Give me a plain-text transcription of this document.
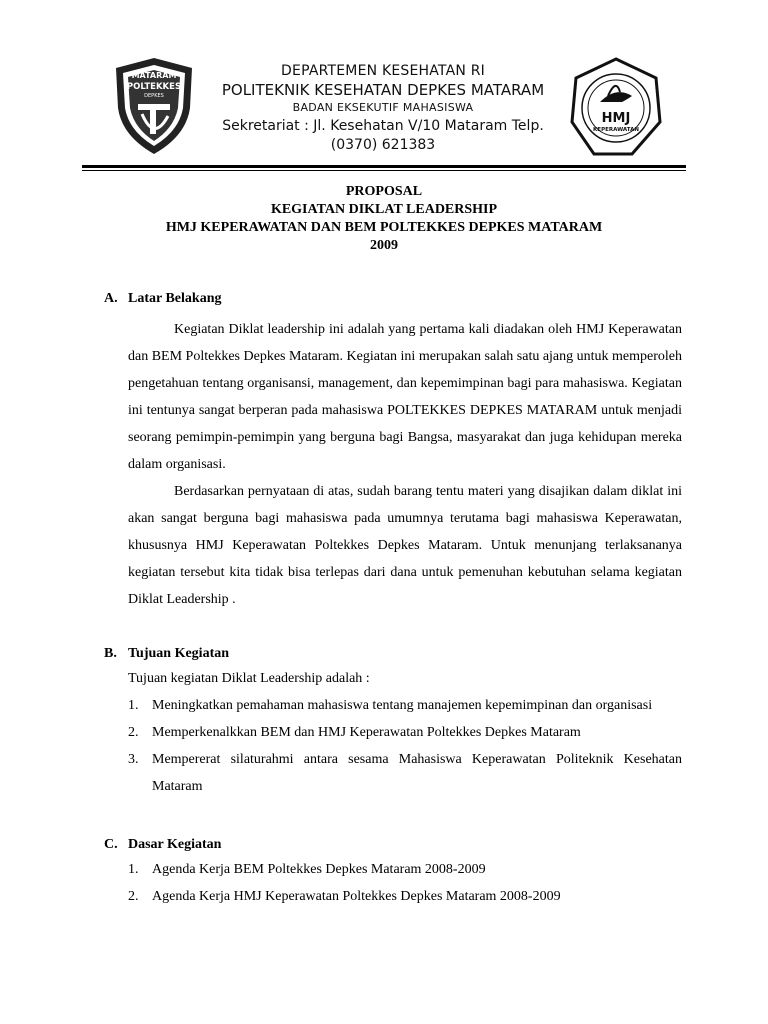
MATARAM
POLTEKKES
DEPKES
DEPARTEMEN KESEHATAN RI
POLITEKNIK KESEHATAN DEPKES MATARAM
BADAN EKSEKUTIF MAHASISWA
Sekretariat : Jl. Kesehatan V/10 Mataram Telp.
(0370) 621383
HMJ
KEPERAWATAN
PROPOSAL
KEGIATAN DIKLAT LEADERSHIP
HMJ KEPERAWATAN DAN BEM POLTEKKES DEPKES MATARAM
2009
A. Latar Belakang
Kegiatan Diklat leadership ini adalah yang pertama kali diadakan oleh HMJ Keperawatan dan BEM Poltekkes Depkes Mataram. Kegiatan ini merupakan salah satu ajang untuk memperoleh pengetahuan tentang organisansi, management, dan kepemimpinan bagi para mahasiswa. Kegiatan ini tentunya sangat berperan pada mahasiswa POLTEKKES DEPKES MATARAM untuk menjadi seorang pemimpin-pemimpin yang berguna bagi Bangsa, masyarakat dan juga kehidupan mereka dalam organisasi.
Berdasarkan pernyataan di atas, sudah barang tentu materi yang disajikan dalam diklat ini akan sangat berguna bagi mahasiswa pada umumnya terutama bagi mahasiswa Keperawatan, khususnya HMJ Keperawatan Poltekkes Depkes Mataram. Untuk menunjang terlaksananya kegiatan tersebut kita tidak bisa terlepas dari dana untuk pemenuhan kebutuhan selama kegiatan Diklat Leadership .
B. Tujuan Kegiatan
Tujuan kegiatan Diklat Leadership adalah :
1. Meningkatkan pemahaman mahasiswa tentang manajemen kepemimpinan dan organisasi
2. Memperkenalkkan BEM dan HMJ Keperawatan Poltekkes Depkes Mataram
3. Mempererat silaturahmi antara sesama Mahasiswa Keperawatan Politeknik Kesehatan Mataram
C. Dasar Kegiatan
1. Agenda Kerja BEM Poltekkes Depkes Mataram 2008-2009
2. Agenda Kerja HMJ Keperawatan Poltekkes Depkes Mataram 2008-2009
